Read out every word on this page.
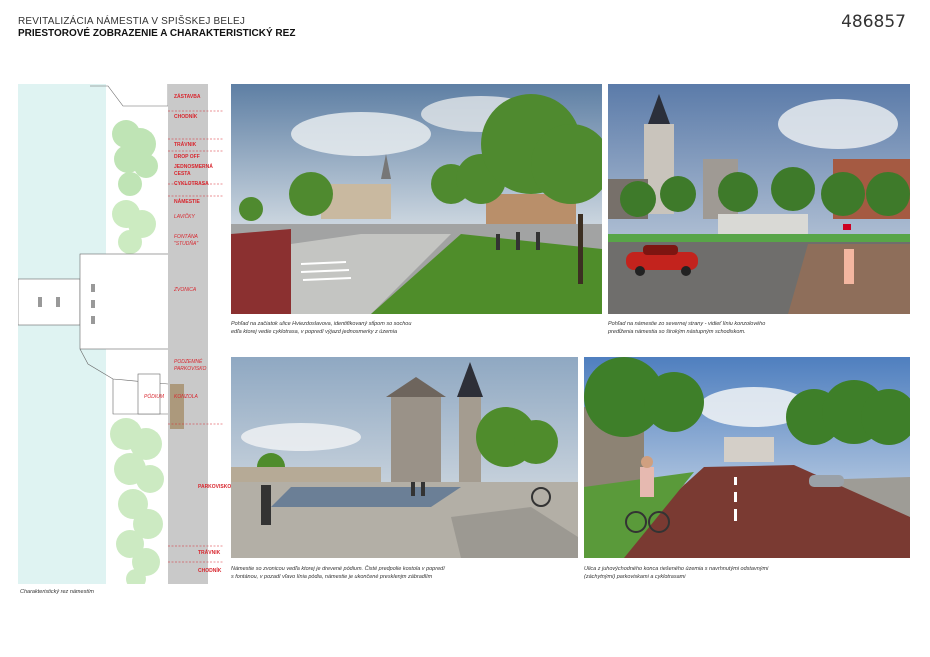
REVITALIZÁCIA NÁMESTIA V SPIŠSKEJ BELEJ
PRIESTOROVÉ ZOBRAZENIE A CHARAKTERISTICKÝ REZ
486857
ZÁSTAVBA
CHODNÍK
TRÁVNIK
DROP OFF
JEDNOSMERNÁ
CESTA
CYKLOTRASA
NÁMESTIE
LAVIČKY
FONTÁNA
"STUDŇA"
ZVONICA
PODZEMNÉ
PARKOVISKO
PÓDIUM KONZOLA
PARKOVISKO
TRÁVNIK
CHODNÍK
Charakteristický rez námestím
Pohľad na začiatok ulice Hviezdoslavova, identifikovaný stĺpom so sochou
edľa ktorej vedie cyklotrasa, v popredí výjazd jednosmerky z územia
Pohľad na námestie zo severnej strany - vidieť líniu konzolového
predĺženia námestia so širokým nástupným schodiskom.
Námestie so zvonicou vedľa ktorej je drevené pódium. Čisté predpolie kostola v popredí
s fontánou, v pozadí vľavo línia pódia, námestie je ukončené presklenjm zábradlím
Ulica z juhovýchodného konca riešeného územia s navrhnutými odstavnými
(záchytnými) parkoviskami a cyklotrasami
